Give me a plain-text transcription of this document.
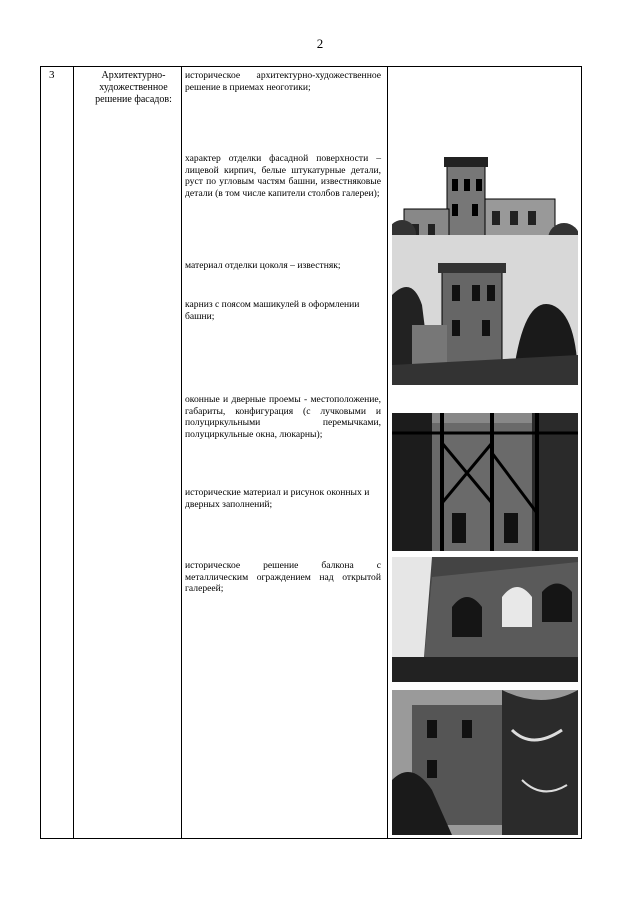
2
3	Архитектурно-художественное решение фасадов:
историческое архитектурно-художественное решение в приемах неоготики;
характер отделки фасадной поверхности – лицевой кирпич, белые штукатурные детали, руст по угловым частям башни, известняковые детали (в том числе капители столбов галереи);
материал отделки цоколя – известняк;
карниз с поясом машикулей в оформлении башни;
оконные и дверные проемы - местоположение, габариты, конфигурация (с лучковыми и полуциркульными перемычками, полуциркульные окна, люкарны);
исторические материал и рисунок оконных и дверных заполнений;
историческое решение балкона с металлическим ограждением над открытой галереей;
